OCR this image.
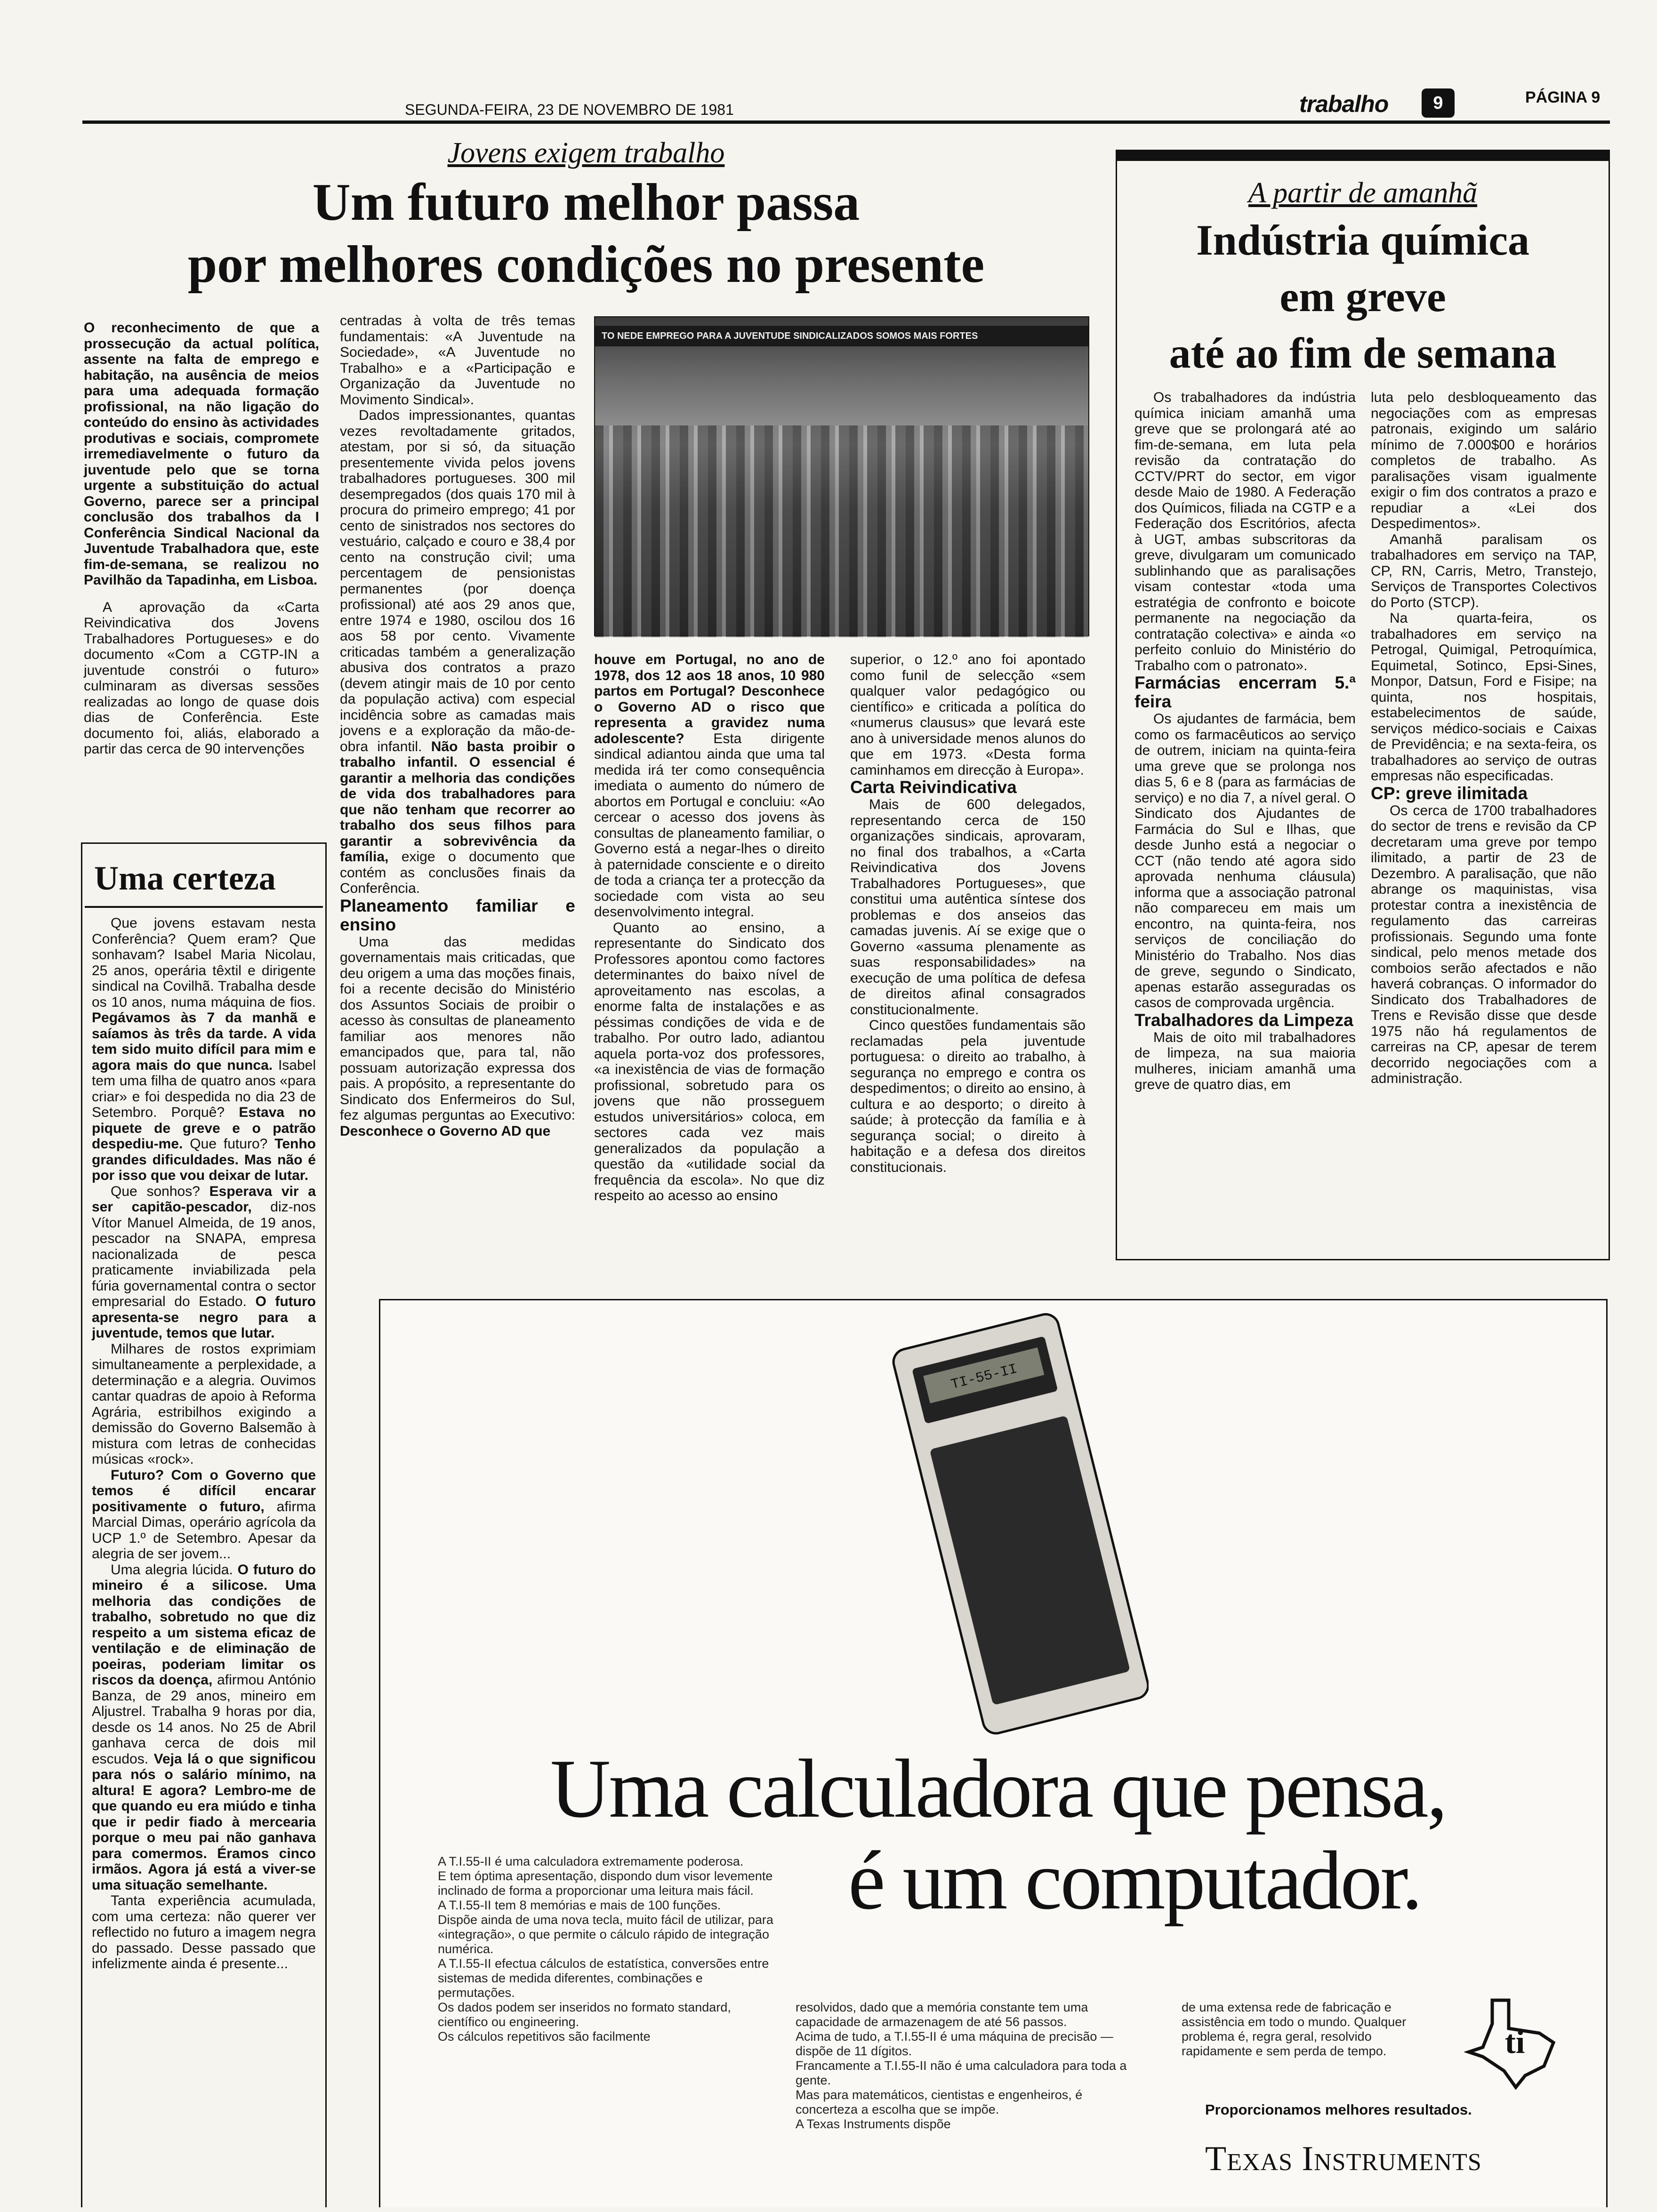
SEGUNDA-FEIRA, 23 DE NOVEMBRO DE 1981	trabalho	9	PÁGINA 9
Jovens exigem trabalho
Um futuro melhor passa
por melhores condições no presente

O reconhecimento de que a prossecução da actual política, assente na falta de emprego e habitação, na ausência de meios para uma adequada formação profissional, na não ligação do conteúdo do ensino às actividades produtivas e sociais, compromete irremediavelmente o futuro da juventude pelo que se torna urgente a substituição do actual Governo, parece ser a principal conclusão dos trabalhos da I Conferência Sindical Nacional da Juventude Trabalhadora que, este fim-de-semana, se realizou no Pavilhão da Tapadinha, em Lisboa.

A aprovação da «Carta Reivindicativa dos Jovens Trabalhadores Portugueses» e do documento «Com a CGTP-IN a juventude constrói o futuro» culminaram as diversas sessões realizadas ao longo de quase dois dias de Conferência. Este documento foi, aliás, elaborado a partir das cerca de 90 intervenções

centradas à volta de três temas fundamentais: «A Juventude na Sociedade», «A Juventude no Trabalho» e a «Participação e Organização da Juventude no Movimento Sindical».

Dados impressionantes, quantas vezes revoltadamente gritados, atestam, por si só, da situação presentemente vivida pelos jovens trabalhadores portugueses. 300 mil desempregados (dos quais 170 mil à procura do primeiro emprego; 41 por cento de sinistrados nos sectores do vestuário, calçado e couro e 38,4 por cento na construção civil; uma percentagem de pensionistas permanentes (por doença profissional) até aos 29 anos que, entre 1974 e 1980, oscilou dos 16 aos 58 por cento. Vivamente criticadas também a generalização abusiva dos contratos a prazo (devem atingir mais de 10 por cento da população activa) com especial incidência sobre as camadas mais jovens e a exploração da mão-de-obra infantil. Não basta proibir o trabalho infantil. O essencial é garantir a melhoria das condições de vida dos trabalhadores para que não tenham que recorrer ao trabalho dos seus filhos para garantir a sobrevivência da família, exige o documento que contém as conclusões finais da Conferência.

Planeamento familiar e ensino

Uma das medidas governamentais mais criticadas, que deu origem a uma das moções finais, foi a recente decisão do Ministério dos Assuntos Sociais de proibir o acesso às consultas de planeamento familiar aos menores não emancipados que, para tal, não possuam autorização expressa dos pais. A propósito, a representante do Sindicato dos Enfermeiros do Sul, fez algumas perguntas ao Executivo: Desconhece o Governo AD que

TO NEDE EMPREGO PARA A JUVENTUDE SINDICALIZADOS SOMOS MAIS FORTES

houve em Portugal, no ano de 1978, dos 12 aos 18 anos, 10 980 partos em Portugal? Desconhece o Governo AD o risco que representa a gravidez numa adolescente? Esta dirigente sindical adiantou ainda que uma tal medida irá ter como consequência imediata o aumento do número de abortos em Portugal e concluiu: «Ao cercear o acesso dos jovens às consultas de planeamento familiar, o Governo está a negar-lhes o direito à paternidade consciente e o direito de toda a criança ter a protecção da sociedade com vista ao seu desenvolvimento integral.

Quanto ao ensino, a representante do Sindicato dos Professores apontou como factores determinantes do baixo nível de aproveitamento nas escolas, a enorme falta de instalações e as péssimas condições de vida e de trabalho. Por outro lado, adiantou aquela porta-voz dos professores, «a inexistência de vias de formação profissional, sobretudo para os jovens que não prosseguem estudos universitários» coloca, em sectores cada vez mais generalizados da população a questão da «utilidade social da frequência da escola». No que diz respeito ao acesso ao ensino

superior, o 12.º ano foi apontado como funil de selecção «sem qualquer valor pedagógico ou científico» e criticada a política do «numerus clausus» que levará este ano à universidade menos alunos do que em 1973. «Desta forma caminhamos em direcção à Europa».

Carta Reivindicativa

Mais de 600 delegados, representando cerca de 150 organizações sindicais, aprovaram, no final dos trabalhos, a «Carta Reivindicativa dos Jovens Trabalhadores Portugueses», que constitui uma autêntica síntese dos problemas e dos anseios das camadas juvenis. Aí se exige que o Governo «assuma plenamente as suas responsabilidades» na execução de uma política de defesa de direitos afinal consagrados constitucionalmente.

Cinco questões fundamentais são reclamadas pela juventude portuguesa: o direito ao trabalho, à segurança no emprego e contra os despedimentos; o direito ao ensino, à cultura e ao desporto; o direito à saúde; à protecção da família e à segurança social; o direito à habitação e a defesa dos direitos constitucionais.

Uma certeza

Que jovens estavam nesta Conferência? Quem eram? Que sonhavam? Isabel Maria Nicolau, 25 anos, operária têxtil e dirigente sindical na Covilhã. Trabalha desde os 10 anos, numa máquina de fios. Pegávamos às 7 da manhã e saíamos às três da tarde. A vida tem sido muito difícil para mim e agora mais do que nunca. Isabel tem uma filha de quatro anos «para criar» e foi despedida no dia 23 de Setembro. Porquê? Estava no piquete de greve e o patrão despediu-me. Que futuro? Tenho grandes dificuldades. Mas não é por isso que vou deixar de lutar.

Que sonhos? Esperava vir a ser capitão-pescador, diz-nos Vítor Manuel Almeida, de 19 anos, pescador na SNAPA, empresa nacionalizada de pesca praticamente inviabilizada pela fúria governamental contra o sector empresarial do Estado. O futuro apresenta-se negro para a juventude, temos que lutar.

Milhares de rostos exprimiam simultaneamente a perplexidade, a determinação e a alegria. Ouvimos cantar quadras de apoio à Reforma Agrária, estribilhos exigindo a demissão do Governo Balsemão à mistura com letras de conhecidas músicas «rock».

Futuro? Com o Governo que temos é difícil encarar positivamente o futuro, afirma Marcial Dimas, operário agrícola da UCP 1.º de Setembro. Apesar da alegria de ser jovem...

Uma alegria lúcida. O futuro do mineiro é a silicose. Uma melhoria das condições de trabalho, sobretudo no que diz respeito a um sistema eficaz de ventilação e de eliminação de poeiras, poderiam limitar os riscos da doença, afirmou António Banza, de 29 anos, mineiro em Aljustrel. Trabalha 9 horas por dia, desde os 14 anos. No 25 de Abril ganhava cerca de dois mil escudos. Veja lá o que significou para nós o salário mínimo, na altura! E agora? Lembro-me de que quando eu era miúdo e tinha que ir pedir fiado à mercearia porque o meu pai não ganhava para comermos. Éramos cinco irmãos. Agora já está a viver-se uma situação semelhante.

Tanta experiência acumulada, com uma certeza: não querer ver reflectido no futuro a imagem negra do passado. Desse passado que infelizmente ainda é presente...

A partir de amanhã
Indústria química
em greve
até ao fim de semana

Os trabalhadores da indústria química iniciam amanhã uma greve que se prolongará até ao fim-de-semana, em luta pela revisão da contratação do CCTV/PRT do sector, em vigor desde Maio de 1980. A Federação dos Químicos, filiada na CGTP e a Federação dos Escritórios, afecta à UGT, ambas subscritoras da greve, divulgaram um comunicado sublinhando que as paralisações visam contestar «toda uma estratégia de confronto e boicote permanente na negociação da contratação colectiva» e ainda «o perfeito conluio do Ministério do Trabalho com o patronato».

Farmácias encerram 5.ª feira

Os ajudantes de farmácia, bem como os farmacêuticos ao serviço de outrem, iniciam na quinta-feira uma greve que se prolonga nos dias 5, 6 e 8 (para as farmácias de serviço) e no dia 7, a nível geral. O Sindicato dos Ajudantes de Farmácia do Sul e Ilhas, que desde Junho está a negociar o CCT (não tendo até agora sido aprovada nenhuma cláusula) informa que a associação patronal não compareceu em mais um encontro, na quinta-feira, nos serviços de conciliação do Ministério do Trabalho. Nos dias de greve, segundo o Sindicato, apenas estarão asseguradas os casos de comprovada urgência.

Trabalhadores da Limpeza

Mais de oito mil trabalhadores de limpeza, na sua maioria mulheres, iniciam amanhã uma greve de quatro dias, em

luta pelo desbloqueamento das negociações com as empresas patronais, exigindo um salário mínimo de 7.000$00 e horários completos de trabalho. As paralisações visam igualmente exigir o fim dos contratos a prazo e repudiar a «Lei dos Despedimentos».

Amanhã paralisam os trabalhadores em serviço na TAP, CP, RN, Carris, Metro, Transtejo, Serviços de Transportes Colectivos do Porto (STCP).

Na quarta-feira, os trabalhadores em serviço na Petrogal, Quimigal, Petroquímica, Equimetal, Sotinco, Epsi-Sines, Monpor, Datsun, Ford e Fisipe; na quinta, nos hospitais, estabelecimentos de saúde, serviços médico-sociais e Caixas de Previdência; e na sexta-feira, os trabalhadores ao serviço de outras empresas não especificadas.

CP: greve ilimitada

Os cerca de 1700 trabalhadores do sector de trens e revisão da CP decretaram uma greve por tempo ilimitado, a partir de 23 de Dezembro. A paralisação, que não abrange os maquinistas, visa protestar contra a inexistência de regulamento das carreiras profissionais. Segundo uma fonte sindical, pelo menos metade dos comboios serão afectados e não haverá cobranças. O informador do Sindicato dos Trabalhadores de Trens e Revisão disse que desde 1975 não há regulamentos de carreiras na CP, apesar de terem decorrido negociações com a administração.

TI-55-II
Uma calculadora que pensa,
é um computador.
A T.I.55-II é uma calculadora extremamente poderosa.
E tem óptima apresentação, dispondo dum visor levemente inclinado de forma a proporcionar uma leitura mais fácil.
A T.I.55-II tem 8 memórias e mais de 100 funções.
Dispõe ainda de uma nova tecla, muito fácil de utilizar, para «integração», o que permite o cálculo rápido de integração numérica.
A T.I.55-II efectua cálculos de estatística, conversões entre sistemas de medida diferentes, combinações e permutações.
Os dados podem ser inseridos no formato standard, científico ou engineering.
Os cálculos repetitivos são facilmente
resolvidos, dado que a memória constante tem uma capacidade de armazenagem de até 56 passos.
Acima de tudo, a T.I.55-II é uma máquina de precisão — dispõe de 11 dígitos.
Francamente a T.I.55-II não é uma calculadora para toda a gente.
Mas para matemáticos, cientistas e engenheiros, é concerteza a escolha que se impõe.
A Texas Instruments dispõe
de uma extensa rede de fabricação e assistência em todo o mundo. Qualquer problema é, regra geral, resolvido rapidamente e sem perda de tempo.	ti
Proporcionamos melhores resultados.
Texas Instruments
